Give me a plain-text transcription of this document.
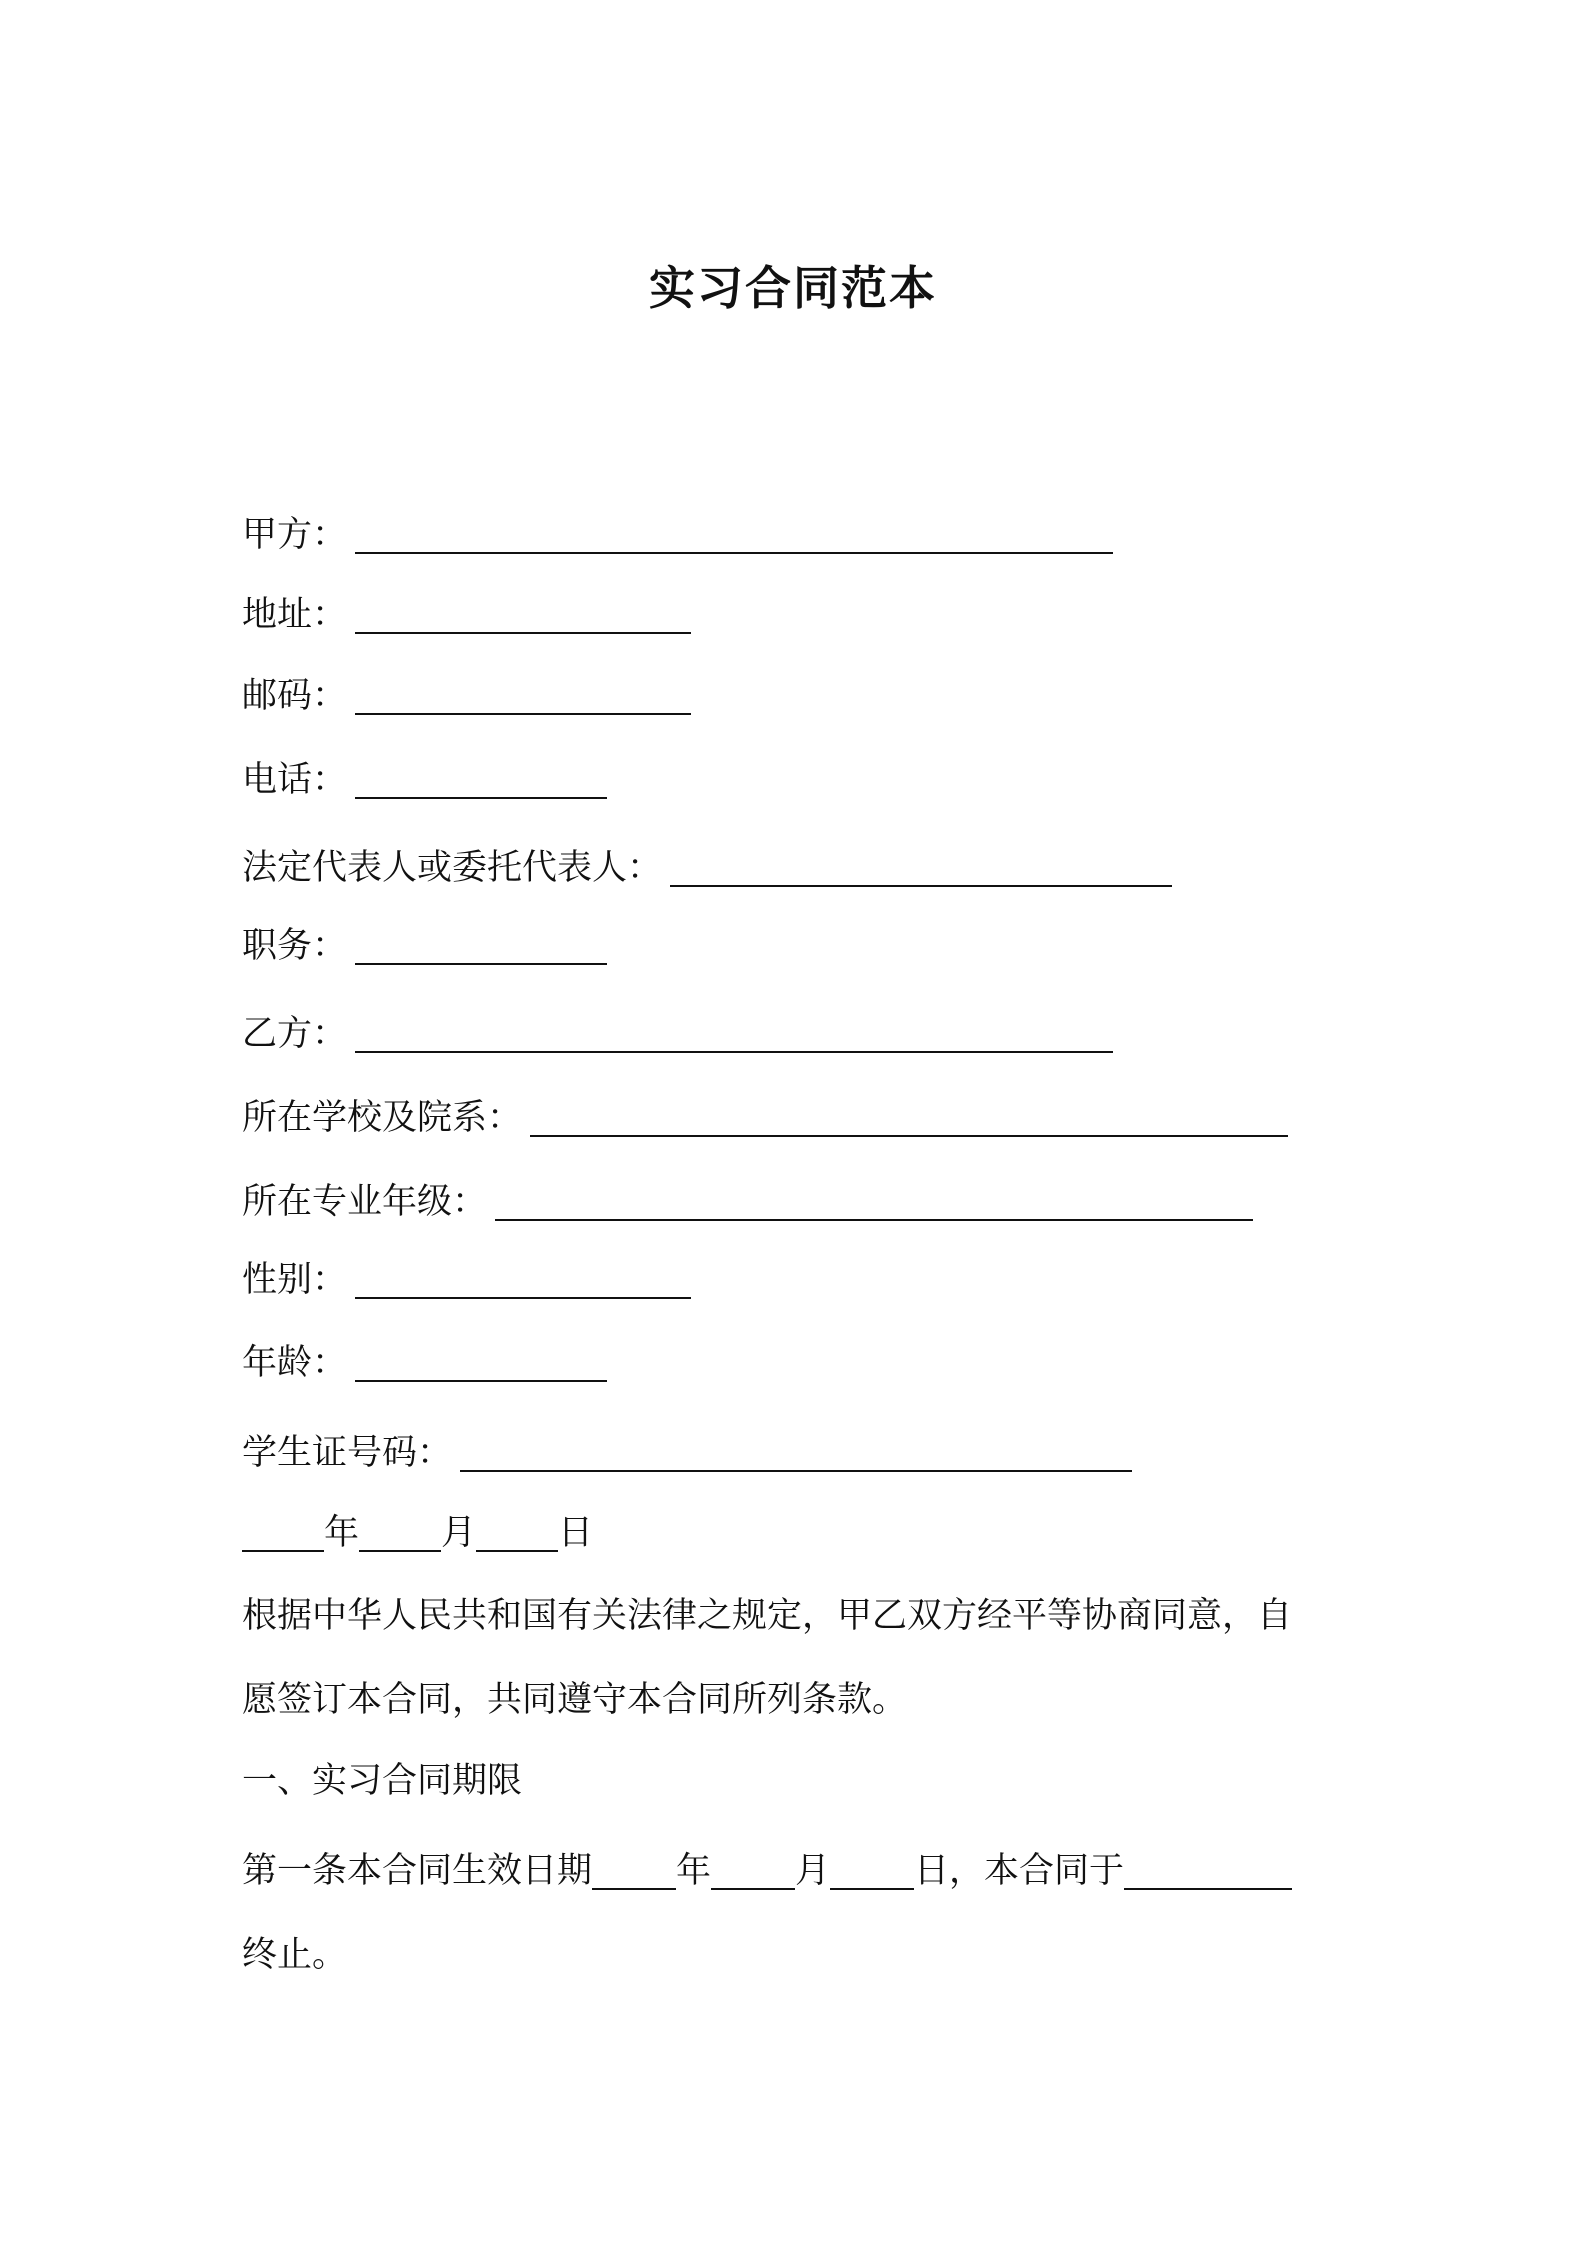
实习合同范本
甲方：
地址：
邮码：
电话：
法定代表人或委托代表人：
职务：
乙方：
所在学校及院系：
所在专业年级：
性别：
年龄：
学生证号码：
年 月 日
根据中华人民共和国有关法律之规定，甲乙双方经平等协商同意，自
愿签订本合同，共同遵守本合同所列条款。
一、实习合同期限
第一条本合同生效日期 年 月 日，本合同于
终止。
